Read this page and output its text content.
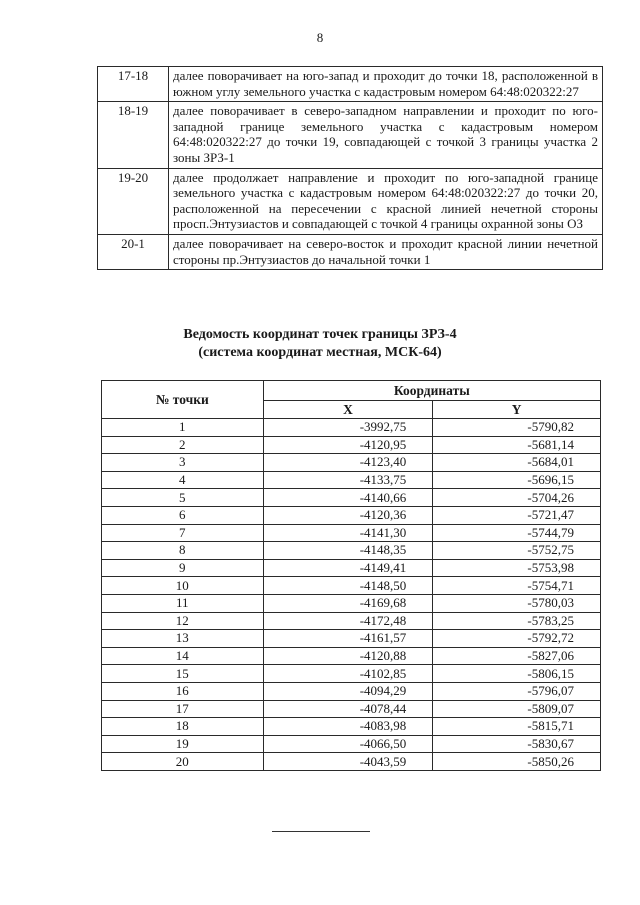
8
17-18	далее поворачивает на юго-запад и проходит до точки 18, расположенной в южном углу земельного участка с кадастровым номером 64:48:020322:27
18-19	далее поворачивает в северо-западном направлении и проходит по юго-западной границе земельного участка с кадастровым номером 64:48:020322:27 до точки 19, совпадающей с точкой 3 границы участка 2 зоны ЗРЗ-1
19-20	далее продолжает направление и проходит по юго-западной границе земельного участка с кадастровым номером 64:48:020322:27 до точки 20, расположенной на пересечении с красной линией нечетной стороны просп.Энтузиастов и совпадающей с точкой 4 границы охранной зоны ОЗ
20-1	далее поворачивает на северо-восток и проходит красной линии нечетной стороны пр.Энтузиастов до начальной точки 1
Ведомость координат точек границы ЗРЗ-4
(система координат местная, МСК-64)
№ точки	Координаты	
	X	Y
1	-3992,75	-5790,82
2	-4120,95	-5681,14
3	-4123,40	-5684,01
4	-4133,75	-5696,15
5	-4140,66	-5704,26
6	-4120,36	-5721,47
7	-4141,30	-5744,79
8	-4148,35	-5752,75
9	-4149,41	-5753,98
10	-4148,50	-5754,71
11	-4169,68	-5780,03
12	-4172,48	-5783,25
13	-4161,57	-5792,72
14	-4120,88	-5827,06
15	-4102,85	-5806,15
16	-4094,29	-5796,07
17	-4078,44	-5809,07
18	-4083,98	-5815,71
19	-4066,50	-5830,67
20	-4043,59	-5850,26
